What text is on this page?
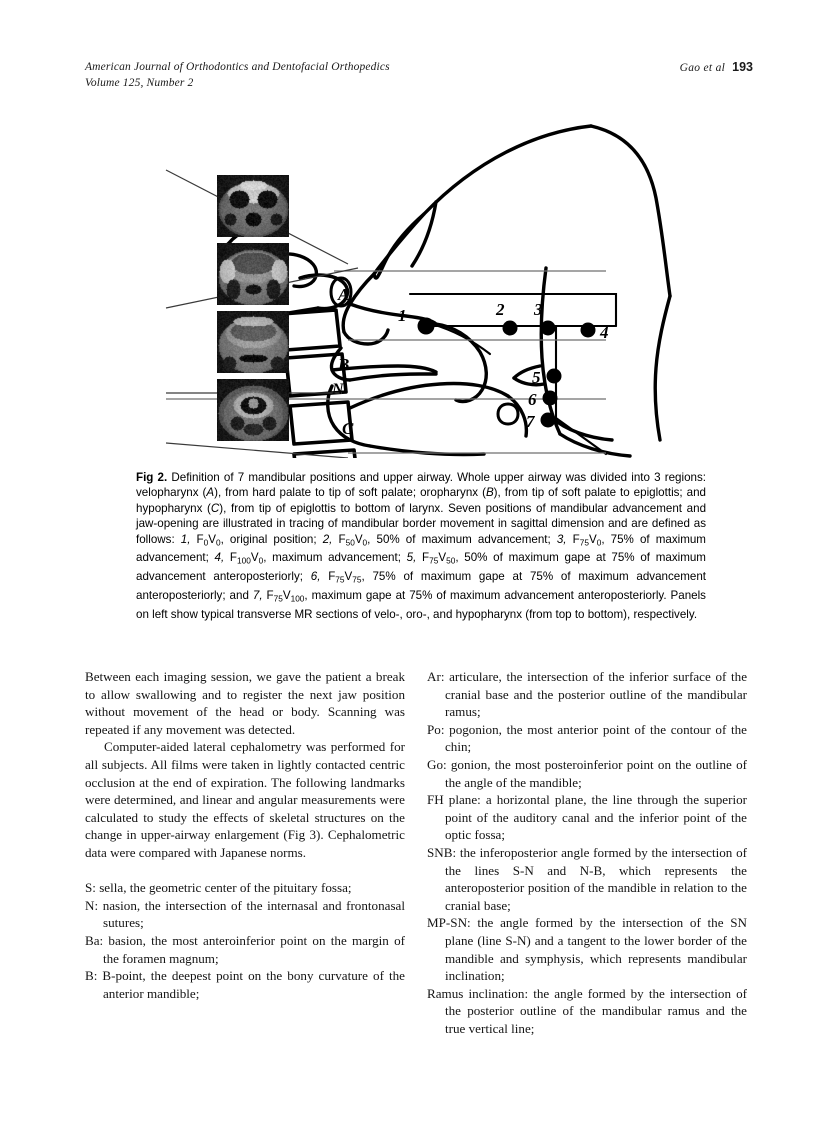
American Journal of Orthodontics and Dentofacial Orthopedics
Volume 125, Number 2
Gao et al 193
A
B
C
N
1	2 3
4
5
6
7
Fig 2. Definition of 7 mandibular positions and upper airway. Whole upper airway was divided into 3 regions: velopharynx (A), from hard palate to tip of soft palate; oropharynx (B), from tip of soft palate to epiglottis; and hypopharynx (C), from tip of epiglottis to bottom of larynx. Seven positions of mandibular advancement and jaw-opening are illustrated in tracing of mandibular border movement in sagittal dimension and are defined as follows: 1, $F_0V_0$, original position; 2, $F_{50}V_0$, 50% of maximum advancement; 3, $F_{75}V_0$, 75% of maximum advancement; 4, $F_{100}V_0$, maximum advancement; 5, $F_{75}V_{50}$, 50% of maximum gape at 75% of maximum advancement anteroposteriorly; 6, $F_{75}V_{75}$, 75% of maximum gape at 75% of maximum advancement anteroposteriorly; and 7, $F_{75}V_{100}$, maximum gape at 75% of maximum advancement anteroposteriorly. Panels on left show typical transverse MR sections of velo-, oro-, and hypopharynx (from top to bottom), respectively.

Between each imaging session, we gave the patient a break to allow swallowing and to register the next jaw position without movement of the head or body. Scanning was repeated if any movement was detected.

Computer-aided lateral cephalometry was performed for all subjects. All films were taken in lightly contacted centric occlusion at the end of expiration. The following landmarks were determined, and linear and angular measurements were calculated to study the effects of skeletal structures on the change in upper-airway enlargement (Fig 3). Cephalometric data were compared with Japanese norms.

S: sella, the geometric center of the pituitary fossa;

N: nasion, the intersection of the internasal and frontonasal sutures;

Ba: basion, the most anteroinferior point on the margin of the foramen magnum;

B: B-point, the deepest point on the bony curvature of the anterior mandible;

Ar: articulare, the intersection of the inferior surface of the cranial base and the posterior outline of the mandibular ramus;

Po: pogonion, the most anterior point of the contour of the chin;

Go: gonion, the most posteroinferior point on the outline of the angle of the mandible;

FH plane: a horizontal plane, the line through the superior point of the auditory canal and the inferior point of the optic fossa;

SNB: the inferoposterior angle formed by the intersection of the lines S-N and N-B, which represents the anteroposterior position of the mandible in relation to the cranial base;

MP-SN: the angle formed by the intersection of the SN plane (line S-N) and a tangent to the lower border of the mandible and symphysis, which represents mandibular inclination;

Ramus inclination: the angle formed by the intersection of the posterior outline of the mandibular ramus and the true vertical line;
